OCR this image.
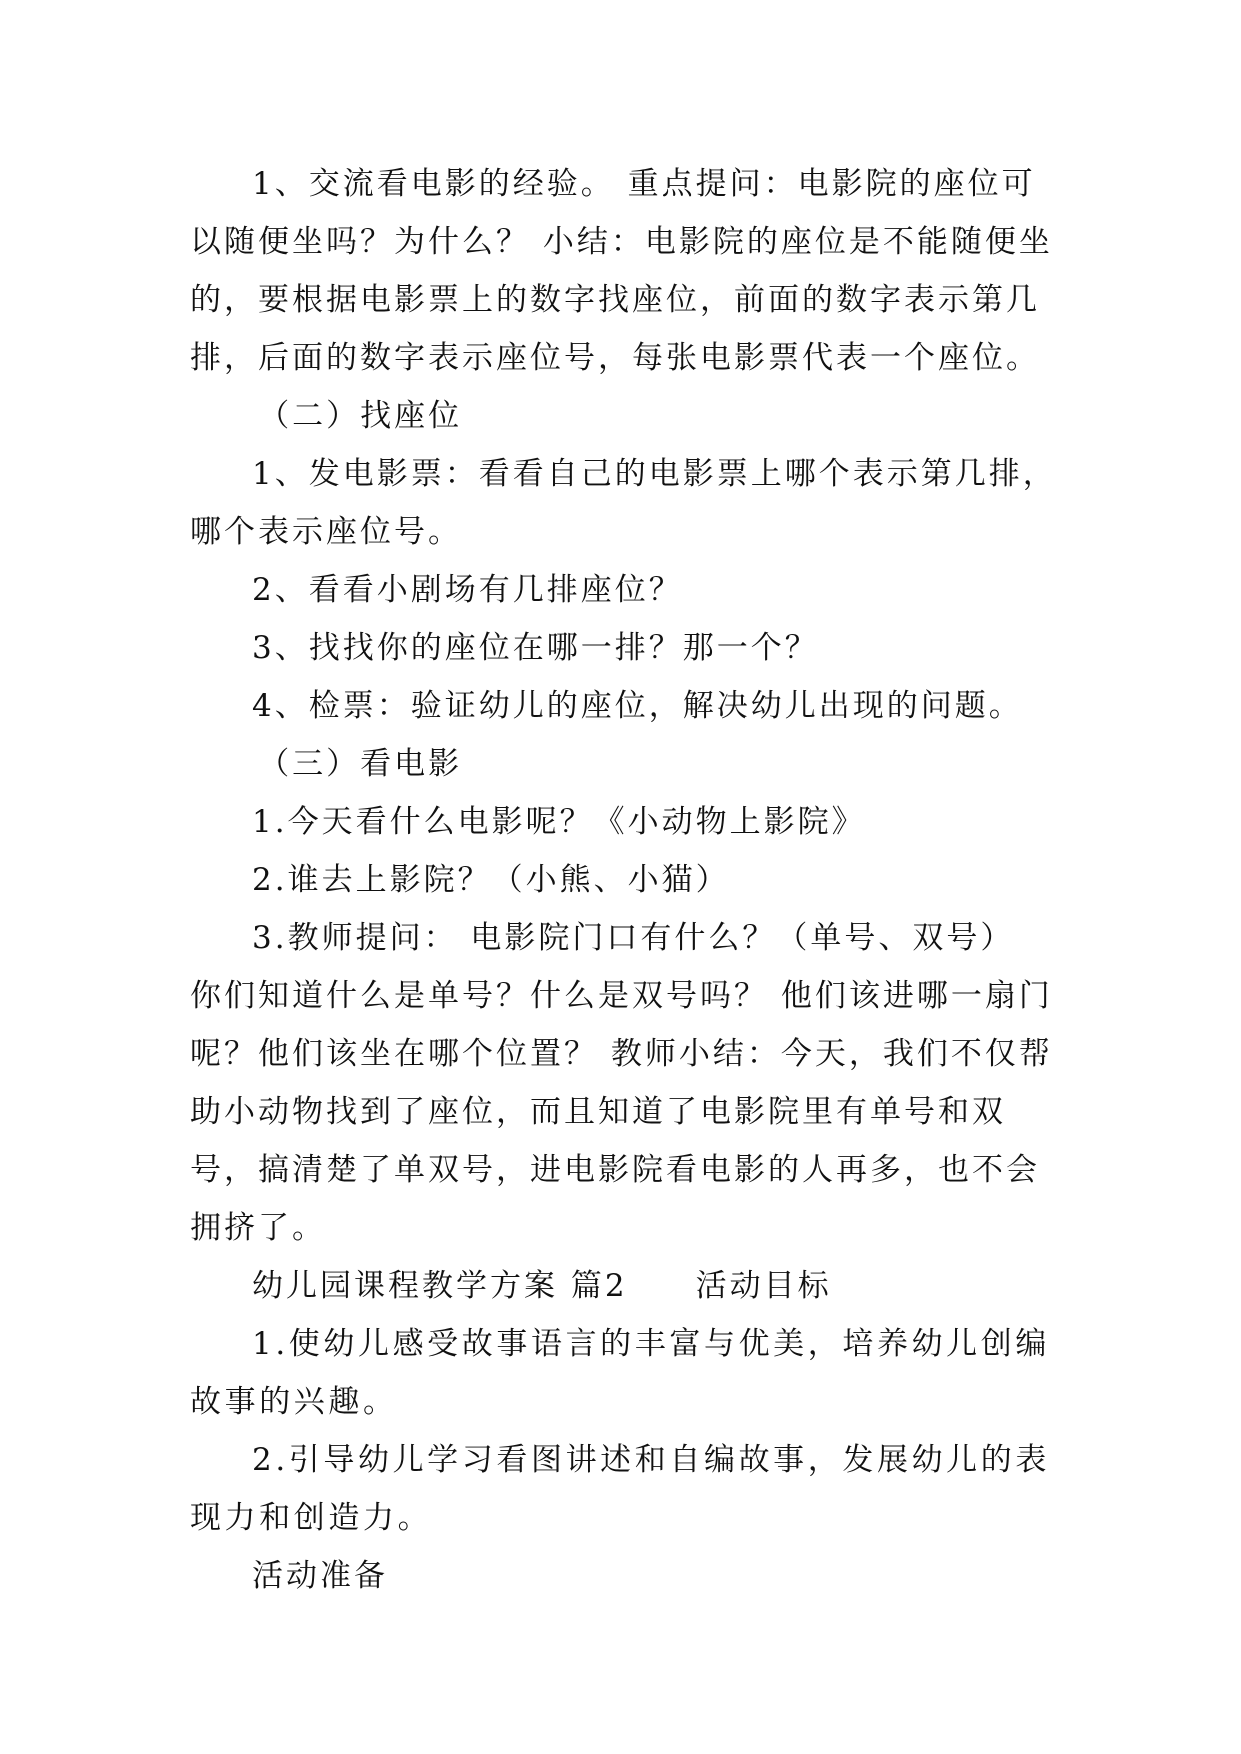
1、交流看电影的经验。 重点提问：电影院的座位可以随便坐吗？为什么？ 小结：电影院的座位是不能随便坐的，要根据电影票上的数字找座位，前面的数字表示第几排，后面的数字表示座位号，每张电影票代表一个座位。

（二）找座位

1、发电影票：看看自己的电影票上哪个表示第几排，哪个表示座位号。

2、看看小剧场有几排座位？

3、找找你的座位在哪一排？那一个？

4、检票：验证幼儿的座位，解决幼儿出现的问题。

（三）看电影

1.今天看什么电影呢？《小动物上影院》

2.谁去上影院？（小熊、小猫）

3.教师提问： 电影院门口有什么？（单号、双号） 你们知道什么是单号？什么是双号吗？ 他们该进哪一扇门呢？他们该坐在哪个位置？ 教师小结：今天，我们不仅帮助小动物找到了座位，而且知道了电影院里有单号和双号，搞清楚了单双号，进电影院看电影的人再多，也不会拥挤了。

幼儿园课程教学方案 篇2　　活动目标

1.使幼儿感受故事语言的丰富与优美，培养幼儿创编故事的兴趣。

2.引导幼儿学习看图讲述和自编故事，发展幼儿的表现力和创造力。

活动准备
